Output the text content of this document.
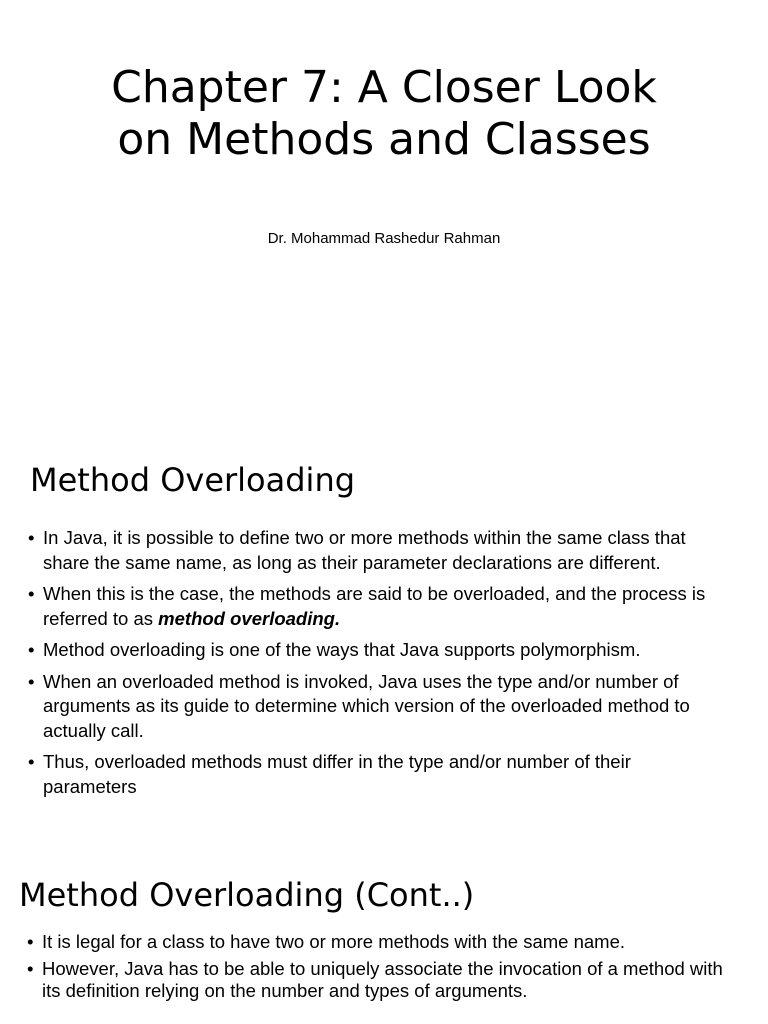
Chapter 7: A Closer Look on Methods and Classes

Dr. Mohammad Rashedur Rahman

Method Overloading
• In Java, it is possible to define two or more methods within the same class that share the same name, as long as their parameter declarations are different.
• When this is the case, the methods are said to be overloaded, and the process is referred to as method overloading.
• Method overloading is one of the ways that Java supports polymorphism.
• When an overloaded method is invoked, Java uses the type and/or number of arguments as its guide to determine which version of the overloaded method to actually call.
• Thus, overloaded methods must differ in the type and/or number of their parameters
Method Overloading (Cont..)
• It is legal for a class to have two or more methods with the same name.
• However, Java has to be able to uniquely associate the invocation of a method with its definition relying on the number and types of arguments.
